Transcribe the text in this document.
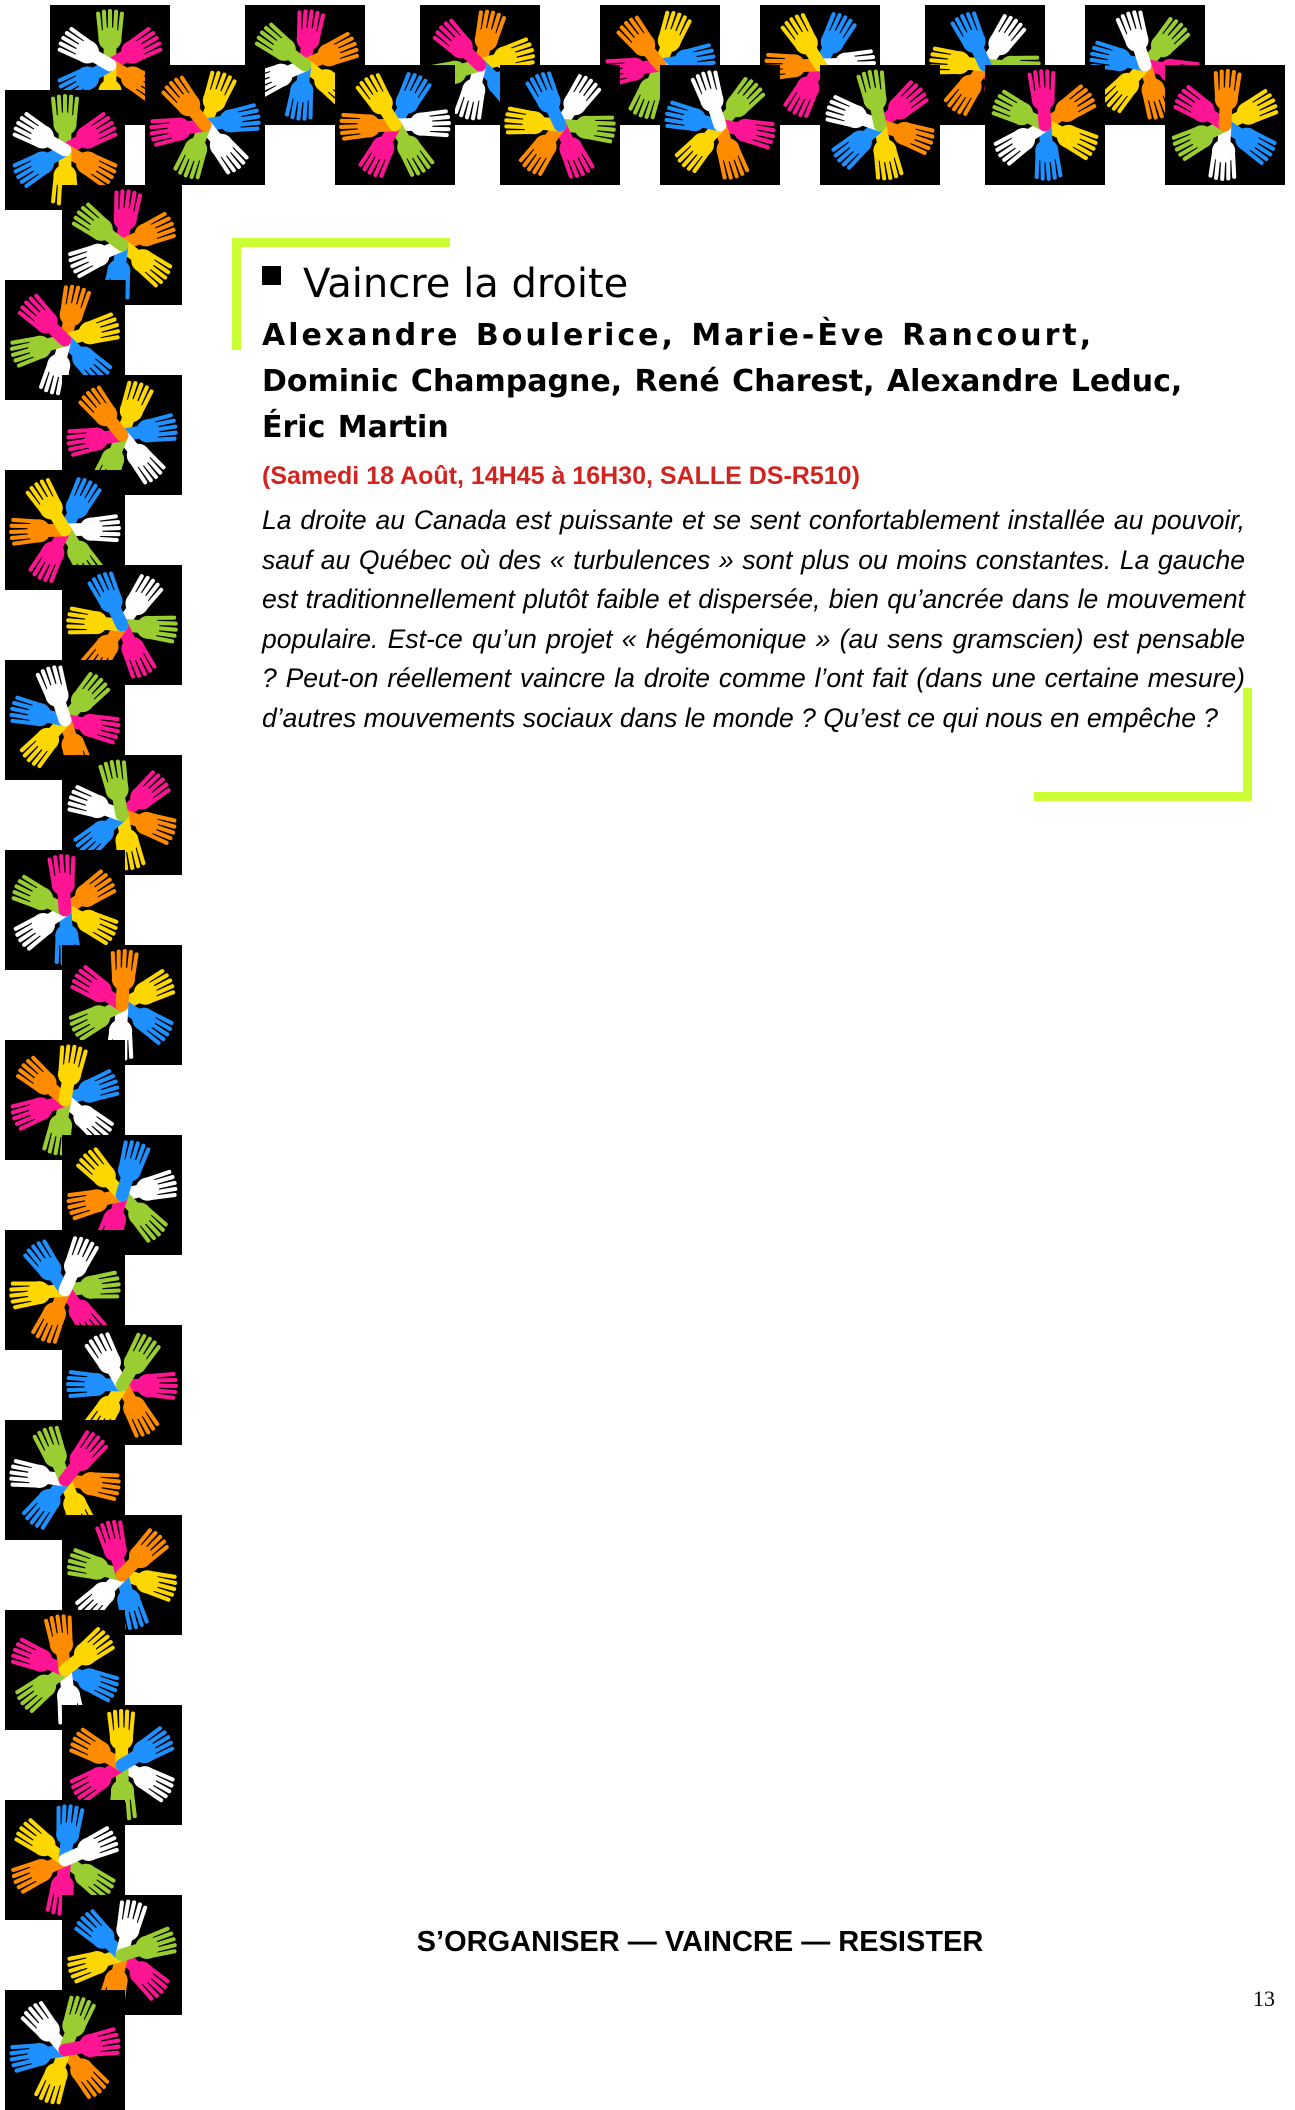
Vaincre la droite

Alexandre Boulerice, Marie-Ève Rancourt,

Dominic Champagne, René Charest, Alexandre Leduc,

Éric Martin

(Samedi 18 Août, 14H45 à 16H30, SALLE DS-R510)

La droite au Canada est puissante et se sent confortablement installée au pouvoir, sauf au Québec où des « turbulences » sont plus ou moins constantes. La gauche est traditionnellement plutôt faible et dispersée, bien qu’ancrée dans le mouvement populaire. Est-ce qu’un projet « hégémonique » (au sens gramscien) est pensable ? Peut-on réellement vaincre la droite comme l’ont fait (dans une certaine mesure) d’autres mouvements sociaux dans le monde ? Qu’est ce qui nous en empêche ?

S’ORGANISER — VAINCRE — RESISTER
13
